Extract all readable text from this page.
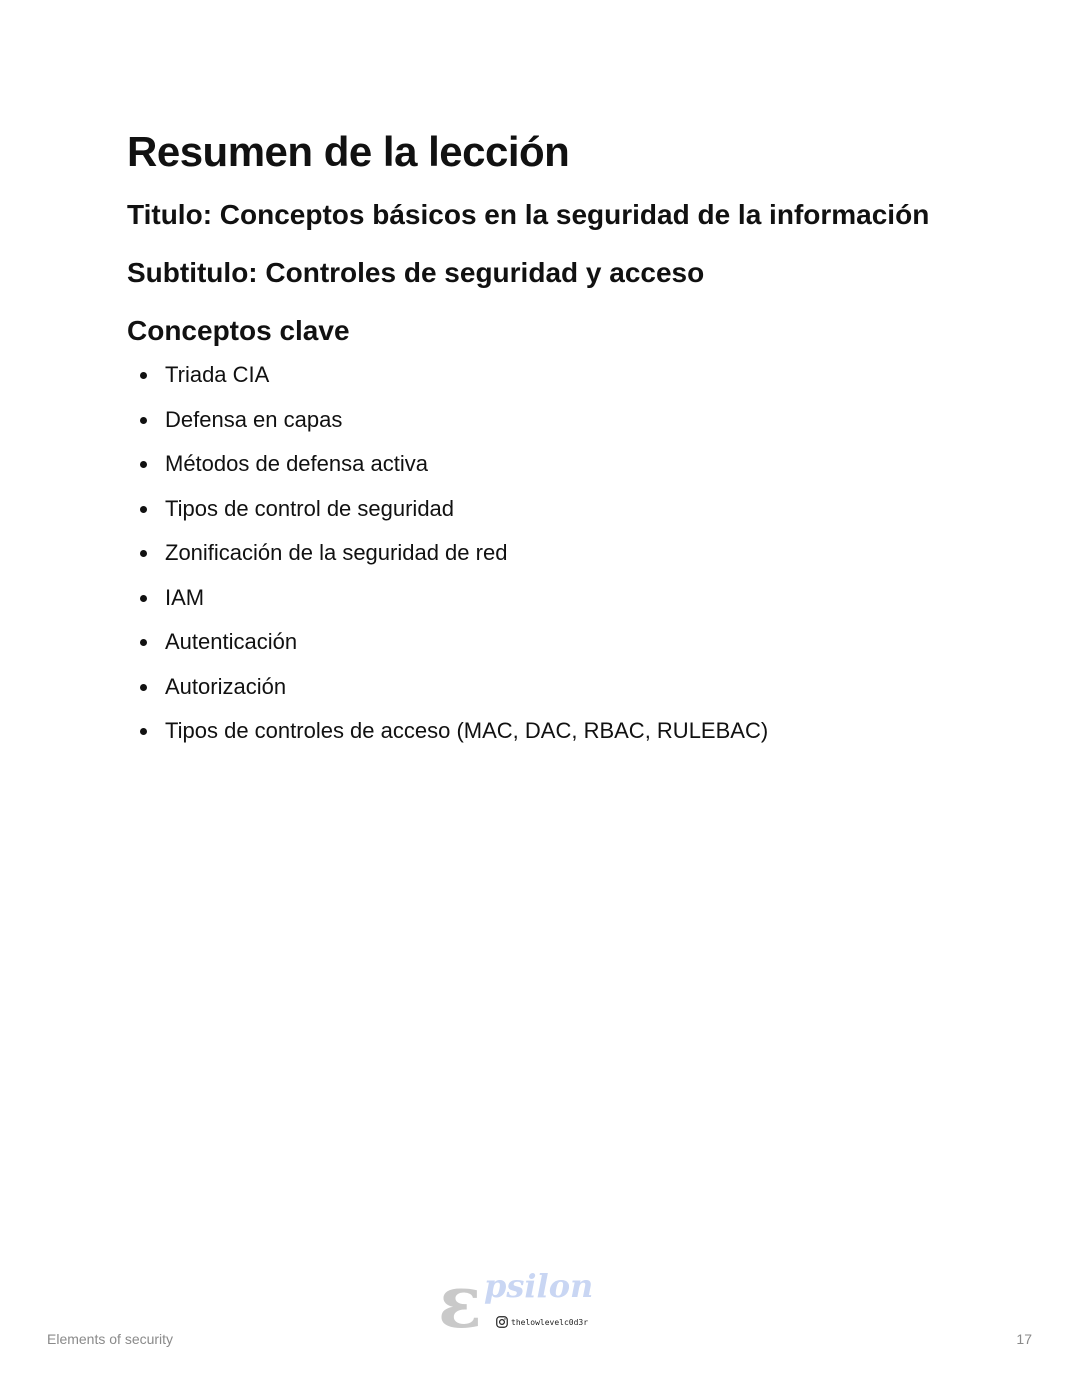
Resumen de la lección
Titulo: Conceptos básicos en la seguridad de la información
Subtitulo: Controles de seguridad y acceso
Conceptos clave
Triada CIA
Defensa en capas
Métodos de defensa activa
Tipos de control de seguridad
Zonificación de la seguridad de red
IAM
Autenticación
Autorización
Tipos de controles de acceso (MAC, DAC, RBAC, RULEBAC)
ε psilon
thelowlevelc0d3r
Elements of security	17
